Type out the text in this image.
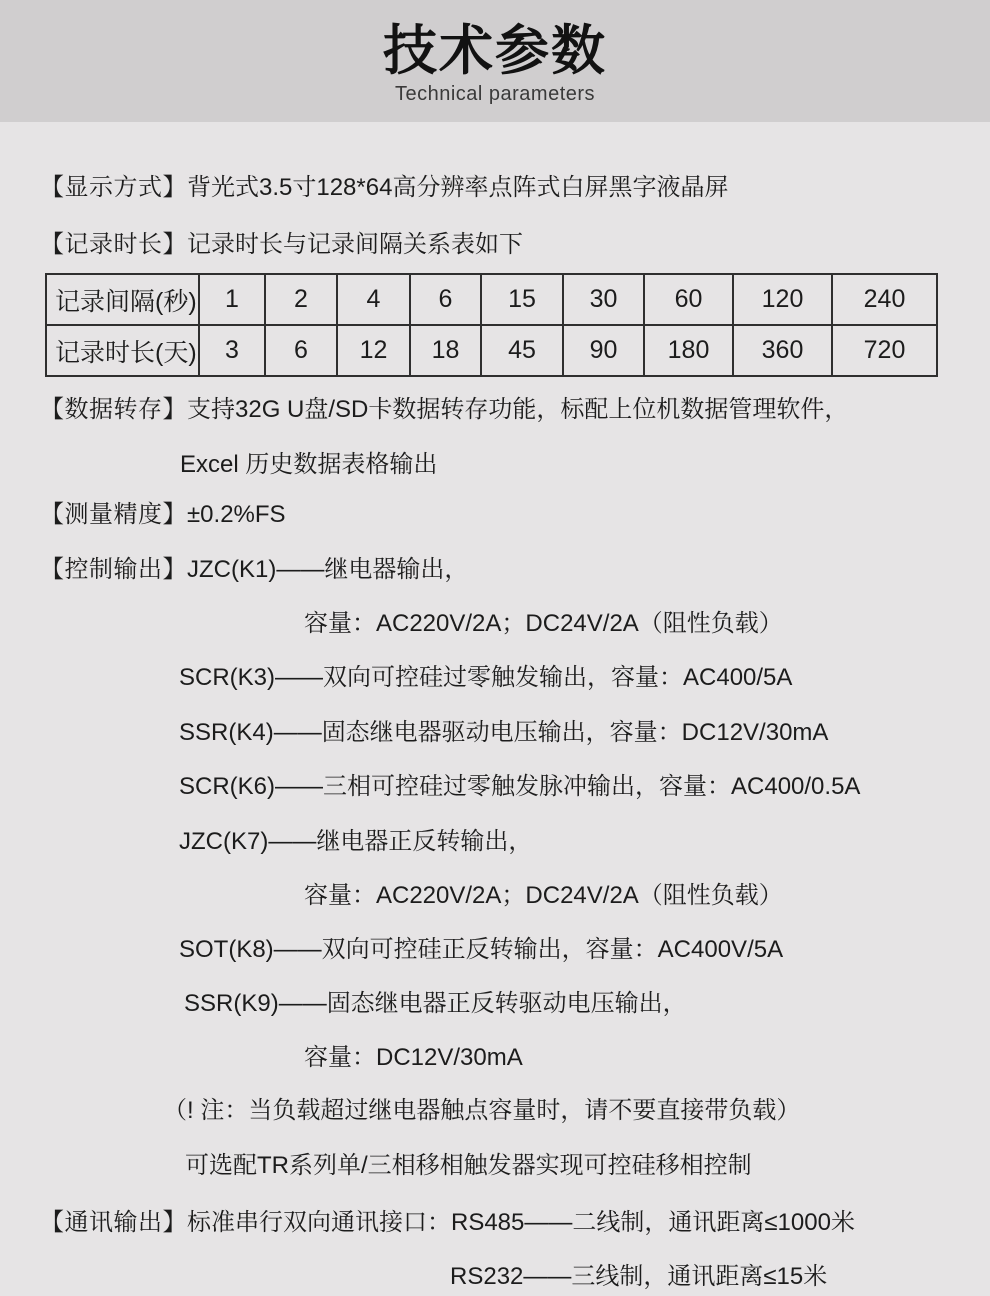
技术参数
Technical parameters
【显示方式】背光式3.5寸128*64高分辨率点阵式白屏黑字液晶屏
【记录时长】记录时长与记录间隔关系表如下
记录间隔(秒)	1	2	4	6	15	30	60	120	240
记录时长(天)	3	6	12	18	45	90	180	360	720
【数据转存】支持32G U盘/SD卡数据转存功能，标配上位机数据管理软件，
Excel 历史数据表格输出
【测量精度】±0.2%FS
【控制输出】JZC(K1)——继电器输出，
容量：AC220V/2A；DC24V/2A（阻性负载）
SCR(K3)——双向可控硅过零触发输出，容量：AC400/5A
SSR(K4)——固态继电器驱动电压输出，容量：DC12V/30mA
SCR(K6)——三相可控硅过零触发脉冲输出，容量：AC400/0.5A
JZC(K7)——继电器正反转输出，
容量：AC220V/2A；DC24V/2A（阻性负载）
SOT(K8)——双向可控硅正反转输出，容量：AC400V/5A
SSR(K9)——固态继电器正反转驱动电压输出，
容量：DC12V/30mA
（! 注：当负载超过继电器触点容量时，请不要直接带负载）
可选配TR系列单/三相移相触发器实现可控硅移相控制
【通讯输出】标准串行双向通讯接口：RS485——二线制，通讯距离≤1000米
RS232——三线制，通讯距离≤15米
